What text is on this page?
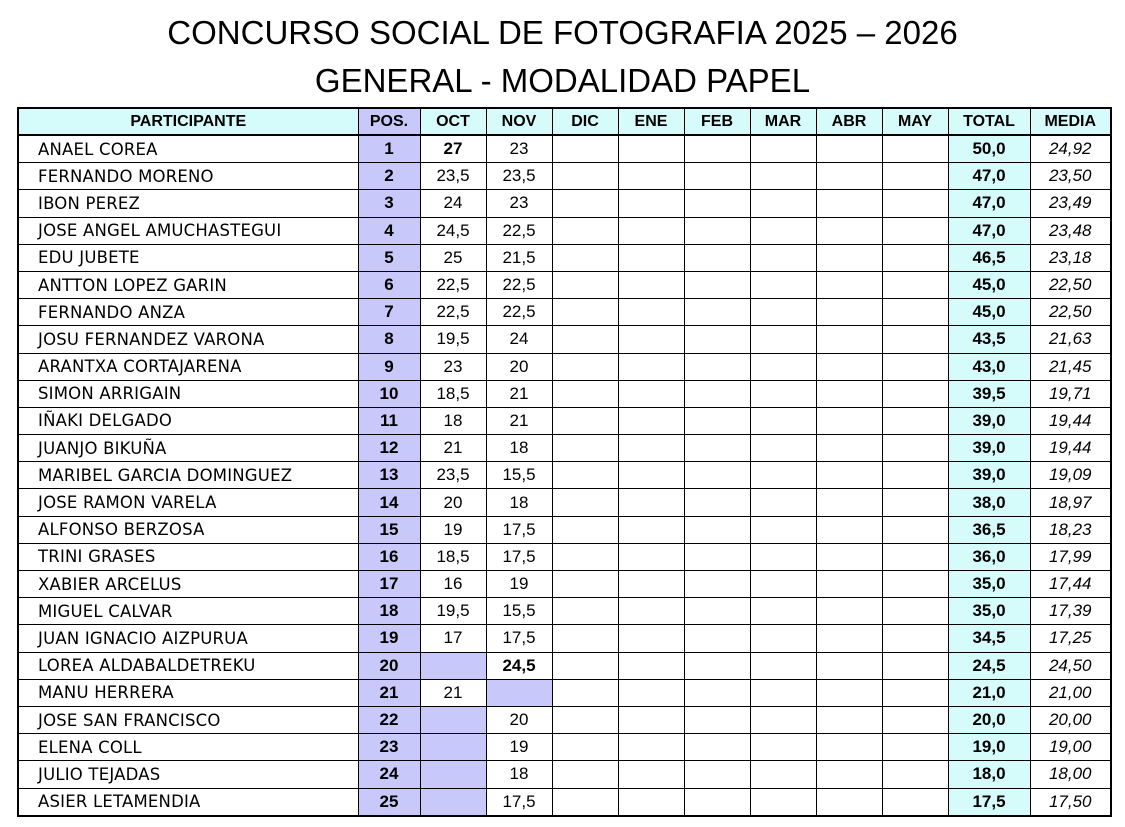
CONCURSO SOCIAL DE FOTOGRAFIA 2025 – 2026
GENERAL - MODALIDAD PAPEL
PARTICIPANTE	POS.	OCT	NOV	DIC	ENE	FEB	MAR	ABR	MAY	TOTAL	MEDIA
ANAEL COREA	1	27	23							50,0	24,92
FERNANDO MORENO	2	23,5	23,5							47,0	23,50
IBON PEREZ	3	24	23							47,0	23,49
JOSE ANGEL AMUCHASTEGUI	4	24,5	22,5							47,0	23,48
EDU JUBETE	5	25	21,5							46,5	23,18
ANTTON LOPEZ GARIN	6	22,5	22,5							45,0	22,50
FERNANDO ANZA	7	22,5	22,5							45,0	22,50
JOSU FERNANDEZ VARONA	8	19,5	24							43,5	21,63
ARANTXA CORTAJARENA	9	23	20							43,0	21,45
SIMON ARRIGAIN	10	18,5	21							39,5	19,71
IÑAKI DELGADO	11	18	21							39,0	19,44
JUANJO BIKUÑA	12	21	18							39,0	19,44
MARIBEL GARCIA DOMINGUEZ	13	23,5	15,5							39,0	19,09
JOSE RAMON VARELA	14	20	18							38,0	18,97
ALFONSO BERZOSA	15	19	17,5							36,5	18,23
TRINI GRASES	16	18,5	17,5							36,0	17,99
XABIER ARCELUS	17	16	19							35,0	17,44
MIGUEL CALVAR	18	19,5	15,5							35,0	17,39
JUAN IGNACIO AIZPURUA	19	17	17,5							34,5	17,25
LOREA ALDABALDETREKU	20		24,5							24,5	24,50
MANU HERRERA	21	21								21,0	21,00
JOSE SAN FRANCISCO	22		20							20,0	20,00
ELENA COLL	23		19							19,0	19,00
JULIO TEJADAS	24		18							18,0	18,00
ASIER LETAMENDIA	25		17,5							17,5	17,50
